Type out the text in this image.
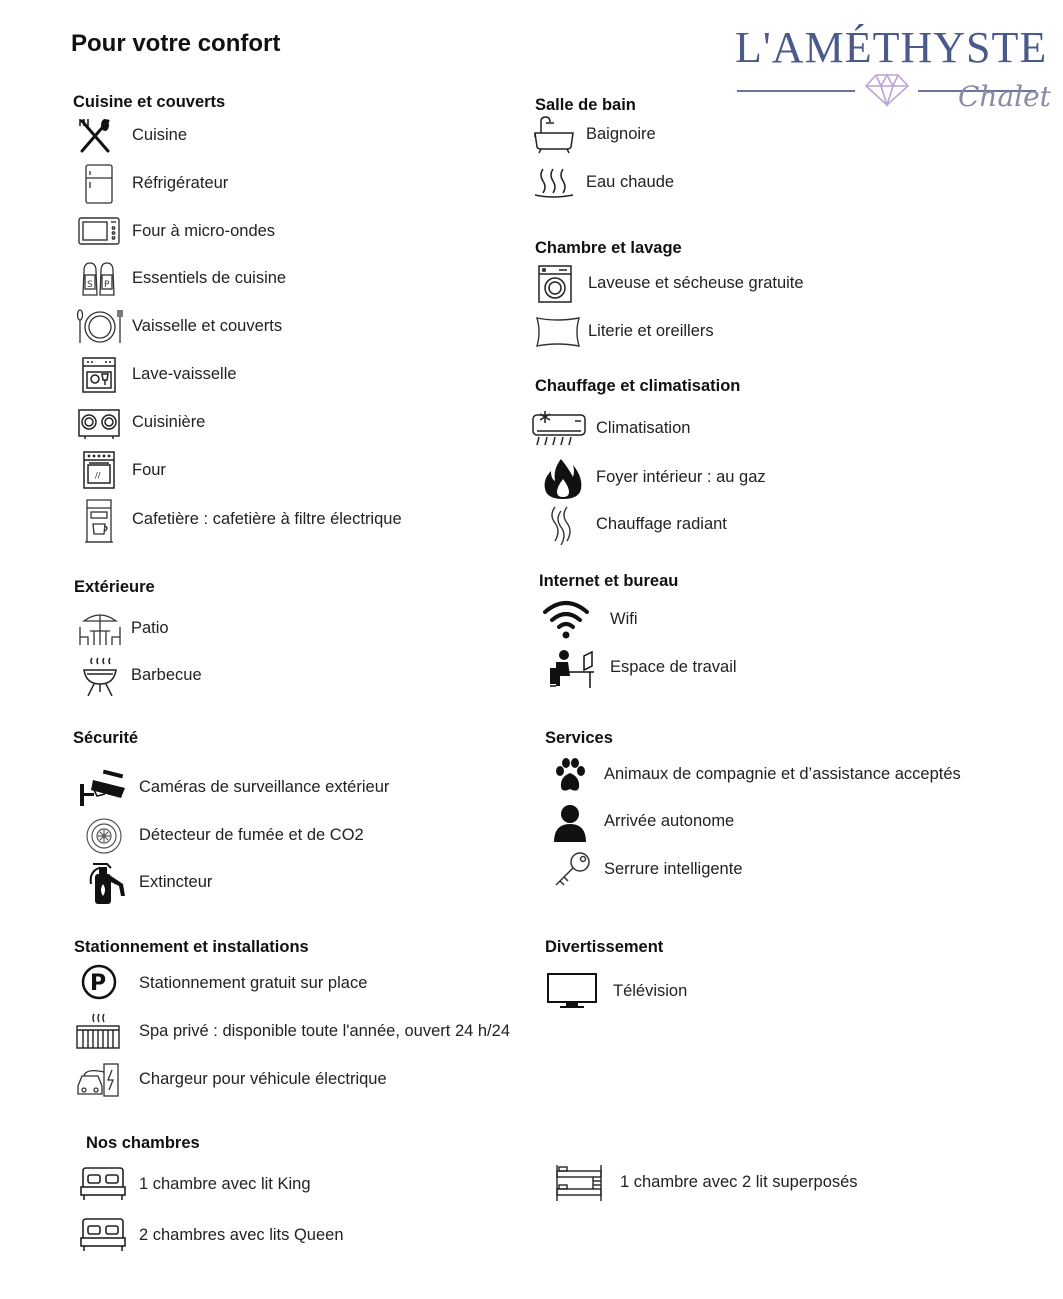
Pour votre confort	L'AMÉTHYSTE
Chalet
Cuisine et couverts
Cuisine
Réfrigérateur
Four à micro-ondes
S P Essentiels de cuisine
Vaisselle et couverts
Lave-vaisselle
Cuisinière
// Four
Cafetière : cafetière à filtre électrique
Extérieure
Patio
Barbecue
Sécurité
Caméras de surveillance extérieur
Détecteur de fumée et de CO2
Extincteur
Stationnement et installations
P Stationnement gratuit sur place
Spa privé : disponible toute l'année, ouvert 24 h/24
Chargeur pour véhicule électrique
Nos chambres
1 chambre avec lit King
2 chambres avec lits Queen
Salle de bain
Baignoire
Eau chaude
Chambre et lavage
Laveuse et sécheuse gratuite
Literie et oreillers
Chauffage et climatisation
Climatisation
Foyer intérieur : au gaz
Chauffage radiant
Internet et bureau
Wifi
Espace de travail
Services
Animaux de compagnie et d’assistance acceptés
Arrivée autonome
Serrure intelligente
Divertissement
Télévision
1 chambre avec 2 lit superposés
